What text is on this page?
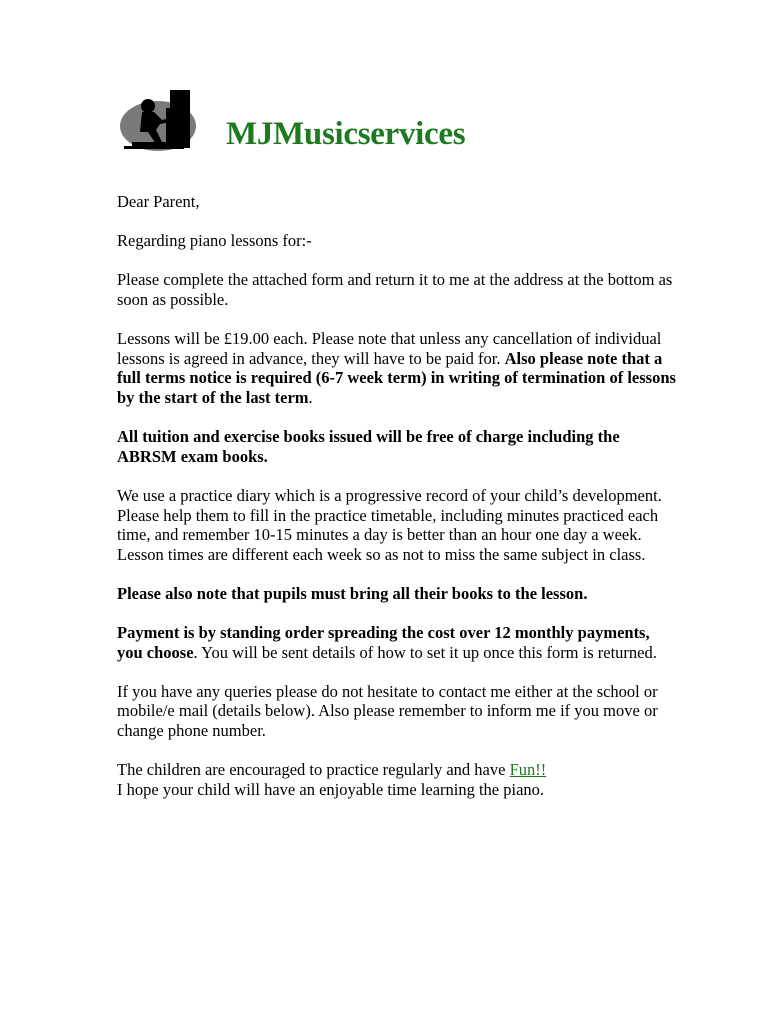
MJMusicservices

Dear Parent,

Regarding piano lessons for:-

Please complete the attached form and return it to me at the address at the bottom as soon as possible.

Lessons will be £19.00 each. Please note that unless any cancellation of individual lessons is agreed in advance, they will have to be paid for. Also please note that a full terms notice is required (6-7 week term) in writing of termination of lessons by the start of the last term.

All tuition and exercise books issued will be free of charge including the ABRSM exam books.

We use a practice diary which is a progressive record of your child’s development. Please help them to fill in the practice timetable, including minutes practiced each time, and remember 10-15 minutes a day is better than an hour one day a week. Lesson times are different each week so as not to miss the same subject in class.

Please also note that pupils must bring all their books to the lesson.

Payment is by standing order spreading the cost over 12 monthly payments, you choose. You will be sent details of how to set it up once this form is returned.

If you have any queries please do not hesitate to contact me either at the school or mobile/e mail (details below). Also please remember to inform me if you move or change phone number.

The children are encouraged to practice regularly and have Fun!!

I hope your child will have an enjoyable time learning the piano.
